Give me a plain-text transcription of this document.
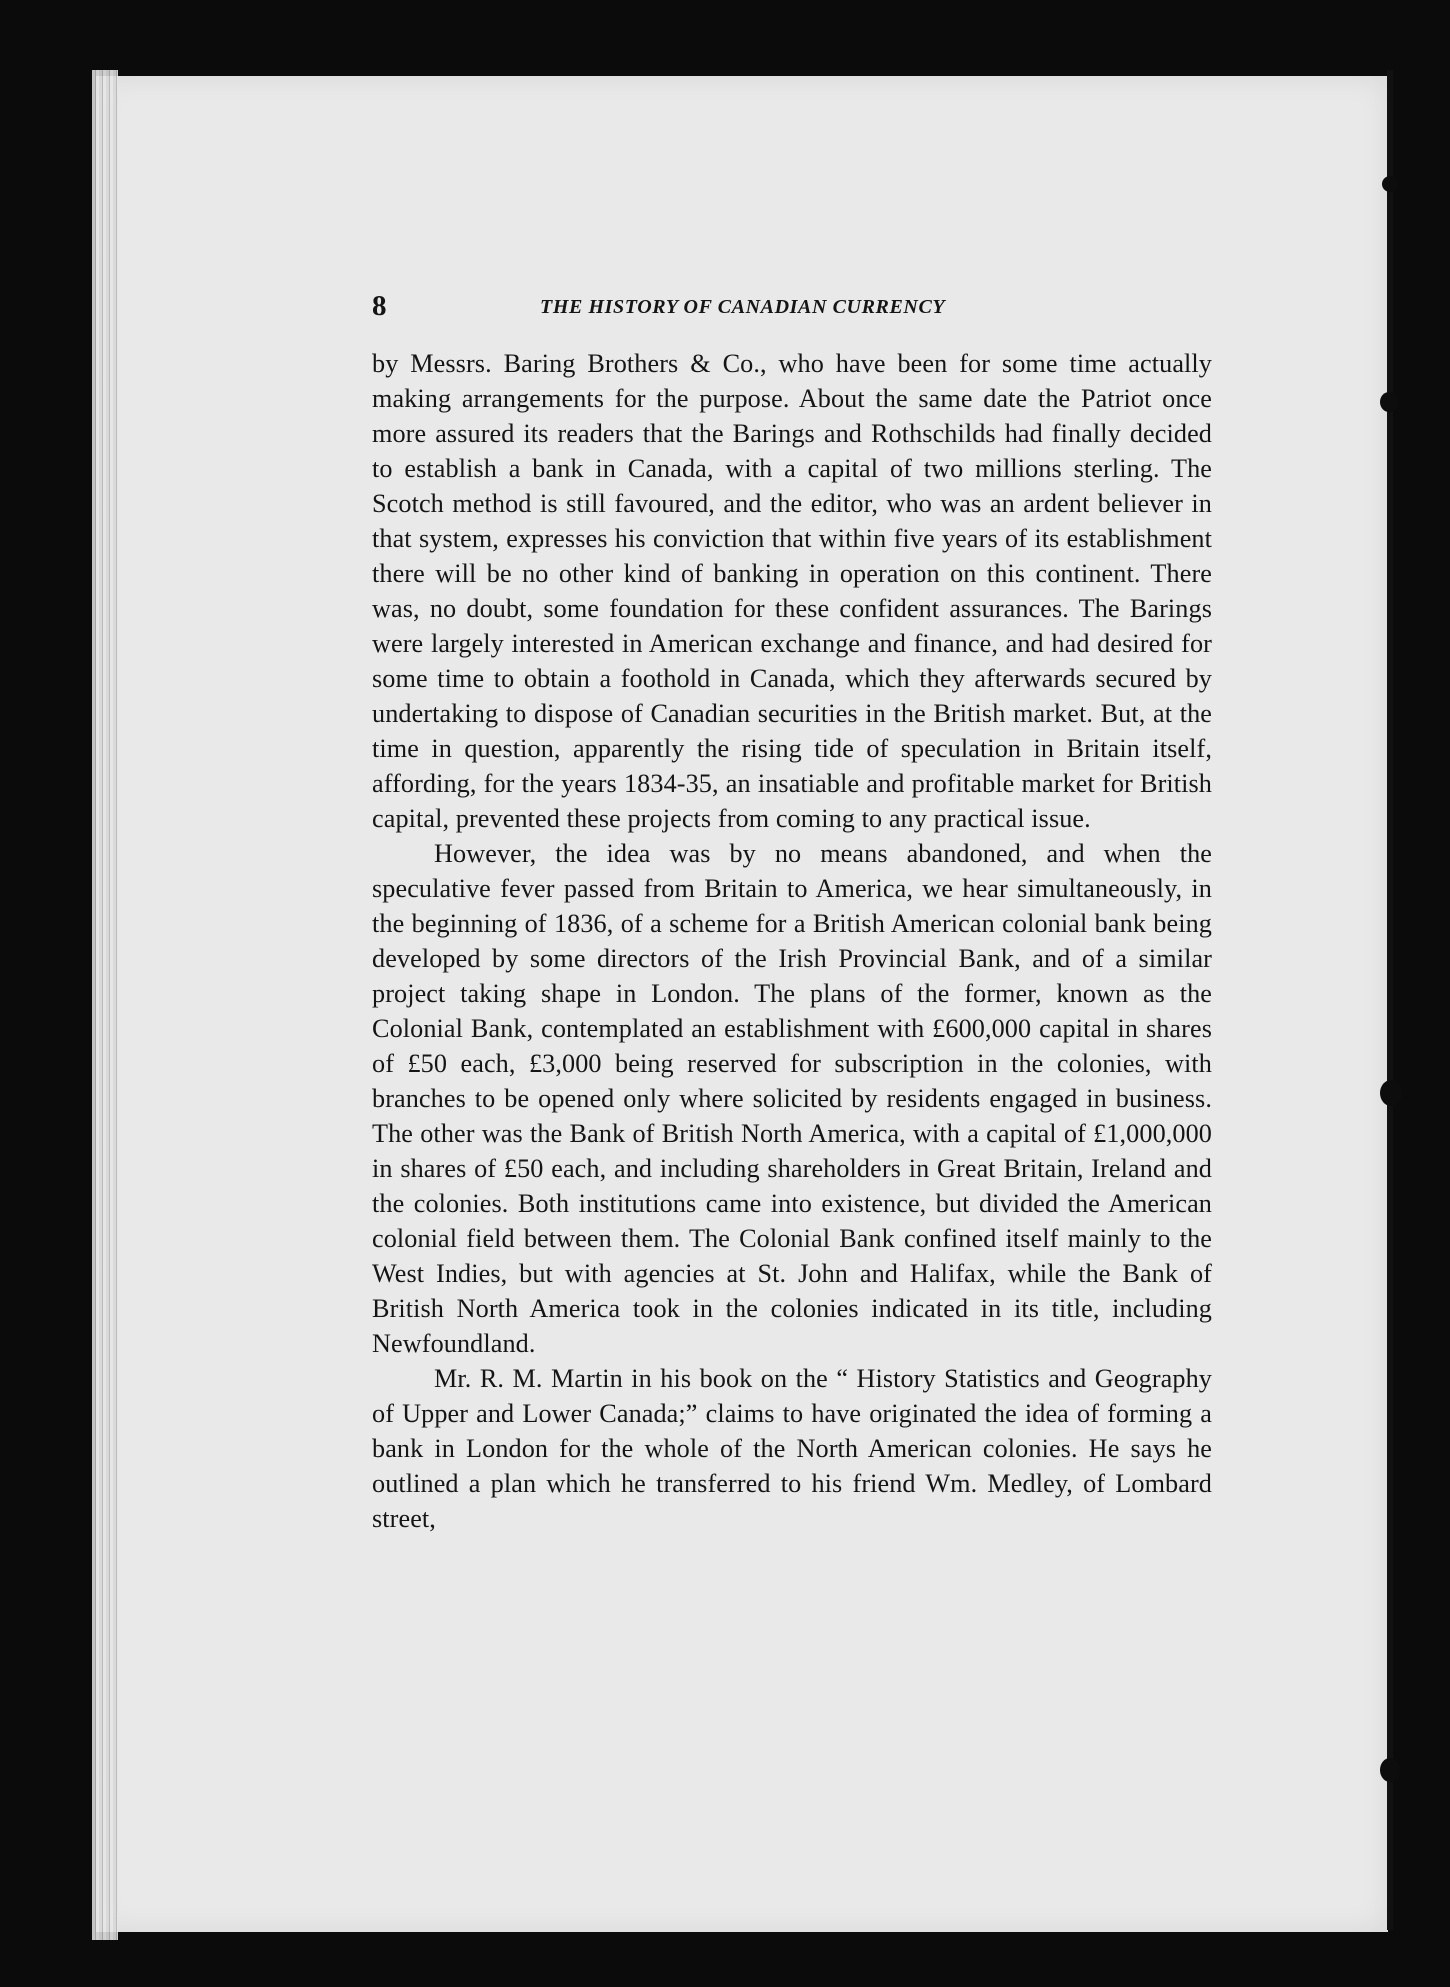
8	THE HISTORY OF CANADIAN CURRENCY

by Messrs. Baring Brothers & Co., who have been for some time actually making arrangements for the purpose. About the same date the Patriot once more assured its readers that the Barings and Rothschilds had finally decided to establish a bank in Canada, with a capital of two millions sterling. The Scotch method is still favoured, and the editor, who was an ardent believer in that system, expresses his conviction that within five years of its establishment there will be no other kind of banking in operation on this continent. There was, no doubt, some foundation for these confident assurances. The Barings were largely interested in American exchange and finance, and had desired for some time to obtain a foothold in Canada, which they afterwards secured by undertaking to dispose of Canadian securities in the British market. But, at the time in question, apparently the rising tide of speculation in Britain itself, affording, for the years 1834-35, an insatiable and profitable market for British capital, prevented these projects from coming to any practical issue.

However, the idea was by no means abandoned, and when the speculative fever passed from Britain to America, we hear simultaneously, in the beginning of 1836, of a scheme for a British American colonial bank being developed by some directors of the Irish Provincial Bank, and of a similar project taking shape in London. The plans of the former, known as the Colonial Bank, contemplated an establishment with £600,000 capital in shares of £50 each, £3,000 being reserved for subscription in the colonies, with branches to be opened only where solicited by residents engaged in business. The other was the Bank of British North America, with a capital of £1,000,000 in shares of £50 each, and including shareholders in Great Britain, Ireland and the colonies. Both institutions came into existence, but divided the American colonial field between them. The Colonial Bank confined itself mainly to the West Indies, but with agencies at St. John and Halifax, while the Bank of British North America took in the colonies indicated in its title, including Newfoundland.

Mr. R. M. Martin in his book on the “ History Statistics and Geography of Upper and Lower Canada;” claims to have originated the idea of forming a bank in London for the whole of the North American colonies. He says he outlined a plan which he transferred to his friend Wm. Medley, of Lombard street,
